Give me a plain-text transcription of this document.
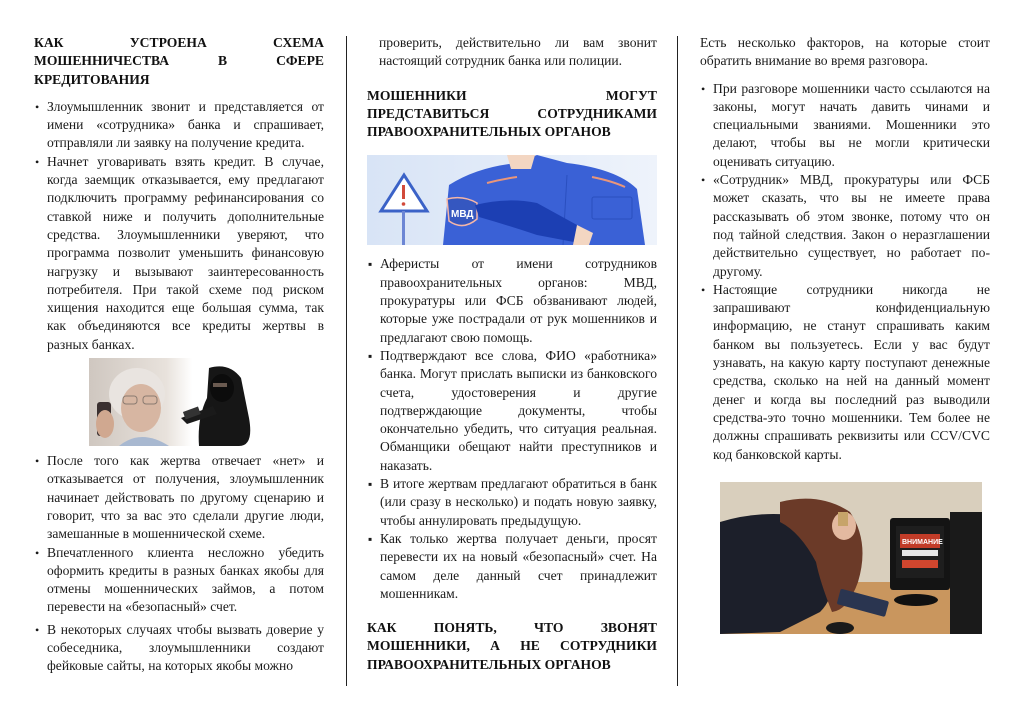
КАК УСТРОЕНА СХЕМА
МОШЕННИЧЕСТВА В СФЕРЕ
КРЕДИТОВАНИЯ
•
Злоумышленник звонит и представляется от имени «сотрудника» банка и спрашивает, отправляли ли заявку на получение кредита.
•
Начнет уговаривать взять кредит. В случае, когда заемщик отказывается, ему предлагают подключить программу рефинансирования со ставкой ниже и получить дополнительные средства. Злоумышленники уверяют, что программа позволит уменьшить финансовую нагрузку и вызывают заинтересованность потребителя. При такой схеме под риском хищения находится еще большая сумма, так как объединяются все кредиты жертвы в разных банках.
•
После того как жертва отвечает «нет» и отказывается от получения, злоумышленник начинает действовать по другому сценарию и говорит, что за вас это сделали другие люди, замешанные в мошеннической схеме.
•
Впечатленного клиента несложно убедить оформить кредиты в разных банках якобы для отмены мошеннических займов, а потом перевести на «безопасный» счет.
•
В некоторых случаях чтобы вызвать доверие у собеседника, злоумышленники создают фейковые сайты, на которых якобы можно

проверить, действительно ли вам звонит настоящий сотрудник банка или полиции.

МОШЕННИКИ МОГУТ
ПРЕДСТАВИТЬСЯ СОТРУДНИКАМИ
ПРАВООХРАНИТЕЛЬНЫХ ОРГАНОВ
МВД
▪
Аферисты от имени сотрудников правоохранительных органов: МВД, прокуратуры или ФСБ обзванивают людей, которые уже пострадали от рук мошенников и предлагают свою помощь.
▪
Подтверждают все слова, ФИО «работника» банка. Могут прислать выписки из банковского счета, удостоверения и другие подтверждающие документы, чтобы окончательно убедить, что ситуация реальная. Обманщики обещают найти преступников и наказать.
▪
В итоге жертвам предлагают обратиться в банк (или сразу в несколько) и подать новую заявку, чтобы аннулировать предыдущую.
▪
Как только жертва получает деньги, просят перевести их на новый «безопасный» счет. На самом деле данный счет принадлежит мошенникам.
КАК ПОНЯТЬ, ЧТО ЗВОНЯТ
МОШЕННИКИ, А НЕ СОТРУДНИКИ
ПРАВООХРАНИТЕЛЬНЫХ ОРГАНОВ

Есть несколько факторов, на которые стоит обратить внимание во время разговора.

•
При разговоре мошенники часто ссылаются на законы, могут начать давить чинами и специальными званиями. Мошенники это делают, чтобы вы не могли критически оценивать ситуацию.
•
«Сотрудник» МВД, прокуратуры или ФСБ может сказать, что вы не имеете права рассказывать об этом звонке, потому что он под тайной следствия. Закон о неразглашении действительно существует, но работает по-другому.
•
Настоящие сотрудники никогда не запрашивают конфиденциальную информацию, не станут спрашивать каким банком вы пользуетесь. Если у вас будут узнавать, на какую карту поступают денежные средства, сколько на ней на данный момент денег и когда вы последний раз выводили средства-это точно мошенники. Тем более не должны спрашивать реквизиты или CCV/CVC код банковской карты.
ВНИМАНИЕ
